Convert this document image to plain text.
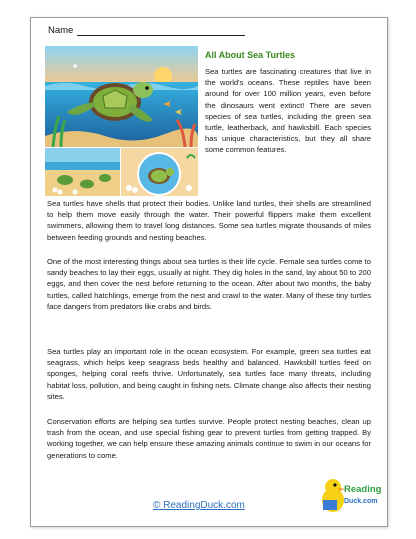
Name
All About Sea Turtles

Sea turtles are fascinating creatures that live in the world's oceans. These reptiles have been around for over 100 million years, even before the dinosaurs went extinct! There are seven species of sea turtles, including the green sea turtle, leatherback, and hawksbill. Each species has unique characteristics, but they all share some common features.

Sea turtles have shells that protect their bodies. Unlike land turtles, their shells are streamlined to help them move easily through the water. Their powerful flippers make them excellent swimmers, allowing them to travel long distances. Some sea turtles migrate thousands of miles between feeding grounds and nesting beaches.

One of the most interesting things about sea turtles is their life cycle. Female sea turtles come to sandy beaches to lay their eggs, usually at night. They dig holes in the sand, lay about 50 to 200 eggs, and then cover the nest before returning to the ocean. After about two months, the baby turtles, called hatchlings, emerge from the nest and crawl to the water. Many of these tiny turtles face dangers from predators like crabs and birds.

Sea turtles play an important role in the ocean ecosystem. For example, green sea turtles eat seagrass, which helps keep seagrass beds healthy and balanced. Hawksbill turtles feed on sponges, helping coral reefs thrive. Unfortunately, sea turtles face many threats, including habitat loss, pollution, and being caught in fishing nets. Climate change also affects their nesting sites.

Conservation efforts are helping sea turtles survive. People protect nesting beaches, clean up trash from the ocean, and use special fishing gear to prevent turtles from getting trapped. By working together, we can help ensure these amazing animals continue to swim in our oceans for generations to come.

© ReadingDuck.com
Reading
Duck.com
